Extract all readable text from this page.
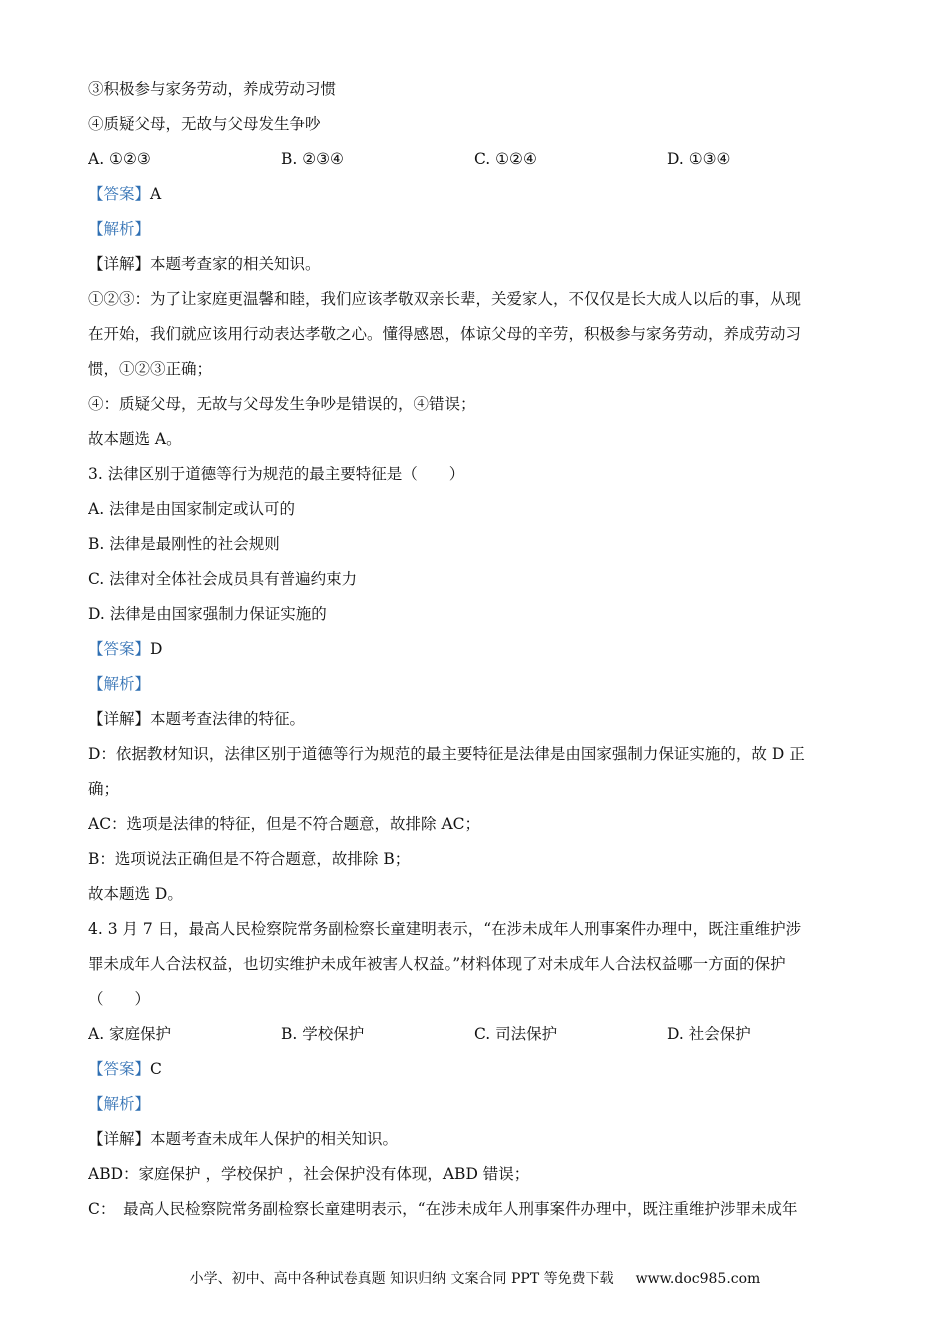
③积极参与家务劳动，养成劳动习惯
④质疑父母，无故与父母发生争吵
A. ①②③	B. ②③④	C. ①②④	D. ①③④
【答案】A
【解析】
【详解】本题考查家的相关知识。
①②③：为了让家庭更温馨和睦，我们应该孝敬双亲长辈，关爱家人，不仅仅是长大成人以后的事，从现
在开始，我们就应该用行动表达孝敬之心。懂得感恩，体谅父母的辛劳，积极参与家务劳动，养成劳动习
惯，①②③正确；
④：质疑父母，无故与父母发生争吵是错误的，④错误；
故本题选 A。
3. 法律区别于道德等行为规范的最主要特征是（　　）
A. 法律是由国家制定或认可的
B. 法律是最刚性的社会规则
C. 法律对全体社会成员具有普遍约束力
D. 法律是由国家强制力保证实施的
【答案】D
【解析】
【详解】本题考查法律的特征。
D：依据教材知识，法律区别于道德等行为规范的最主要特征是法律是由国家强制力保证实施的，故 D 正
确；
AC：选项是法律的特征，但是不符合题意，故排除 AC；
B：选项说法正确但是不符合题意，故排除 B；
故本题选 D。
4. 3 月 7 日，最高人民检察院常务副检察长童建明表示，“在涉未成年人刑事案件办理中，既注重维护涉
罪未成年人合法权益，也切实维护未成年被害人权益。”材料体现了对未成年人合法权益哪一方面的保护
（　　）
A. 家庭保护	B. 学校保护	C. 司法保护	D. 社会保护
【答案】C
【解析】
【详解】本题考查未成年人保护的相关知识。
ABD：家庭保护 ，学校保护 ，社会保护没有体现，ABD 错误；
C：　最高人民检察院常务副检察长童建明表示，“在涉未成年人刑事案件办理中，既注重维护涉罪未成年
小学、初中、高中各种试卷真题 知识归纳 文案合同 PPT 等免费下载 www.doc985.com
